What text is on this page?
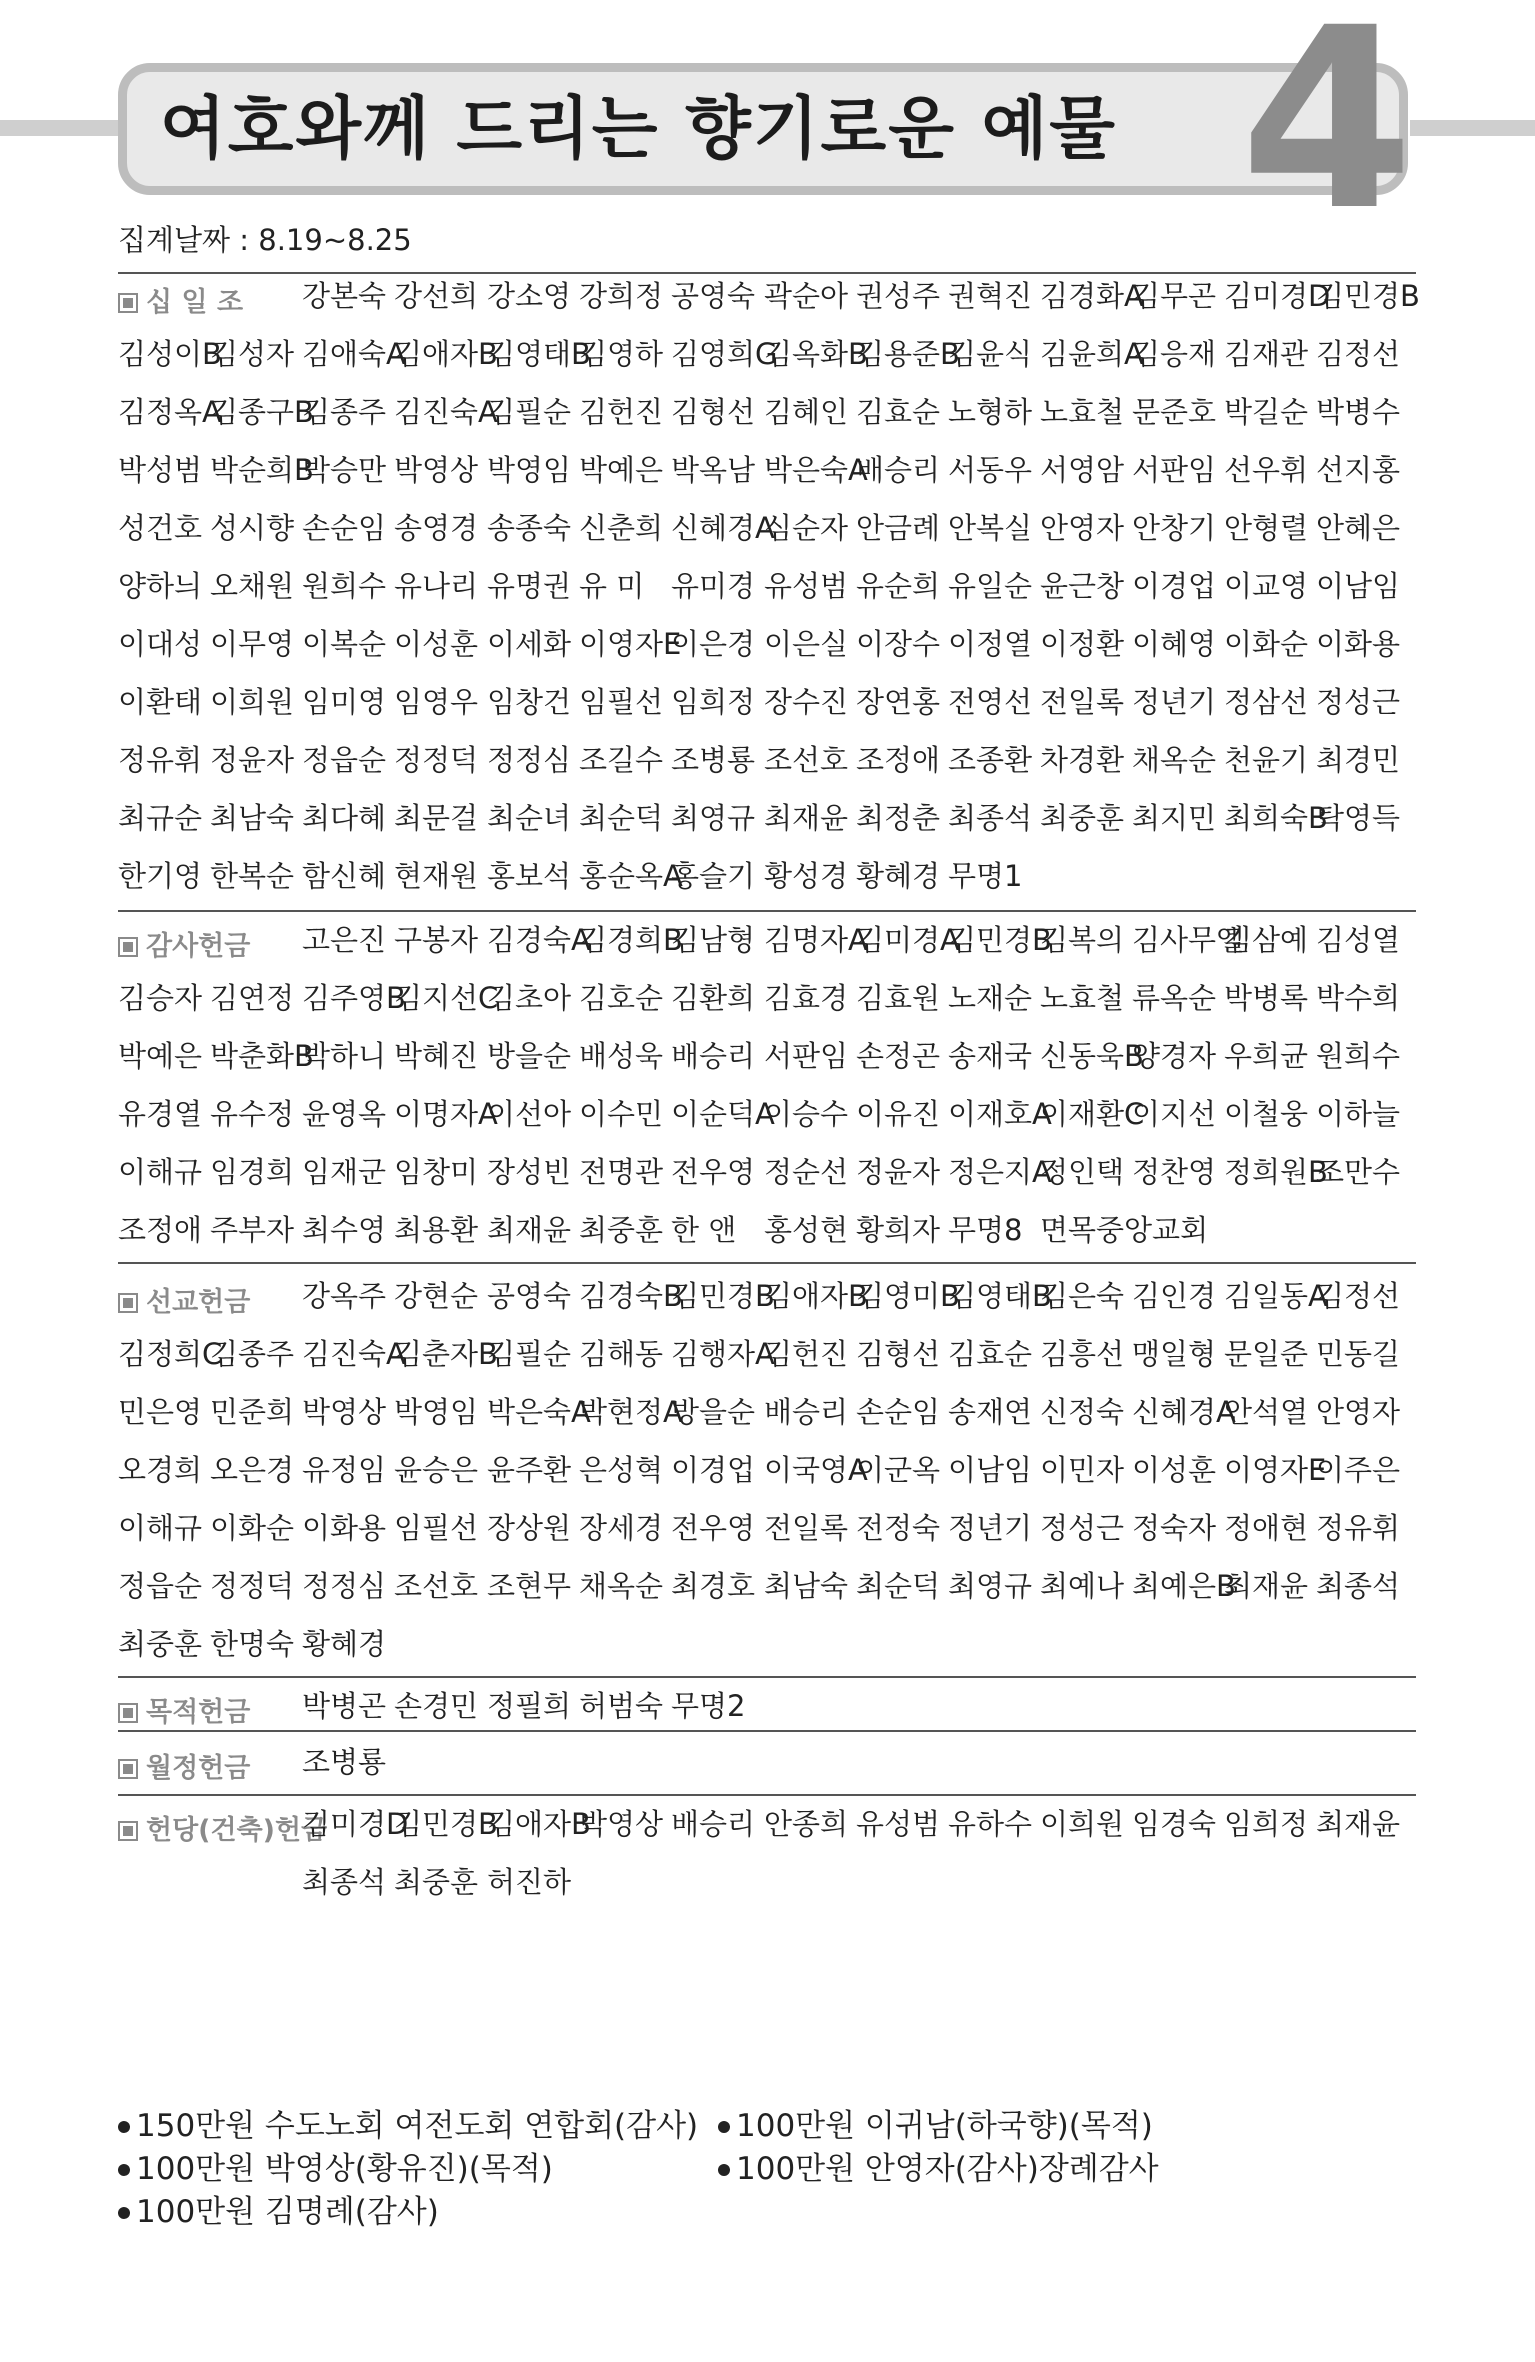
여호와께 드리는 향기로운 예물 4
집계날짜 : 8.19~8.25
십 일 조 강본숙 강선희 강소영 강희정 공영숙 곽순아 권성주 권혁진 김경화A
김무곤 김미경D
김민경B
김성이B
김성자 김애숙A
김애자B
김영태B
김영하 김영희G
김옥화B
김용준B
김윤식 김윤희A
김응재 김재관 김정선
김정옥A
김종구B
김종주 김진숙A
김필순 김헌진 김형선 김혜인 김효순 노형하 노효철 문준호 박길순 박병수
박성범 박순희B
박승만 박영상 박영임 박예은 박옥남 박은숙A
배승리 서동우 서영암 서판임 선우휘 선지홍
성건호 성시향 손순임 송영경 송종숙 신춘희 신혜경A
심순자 안금례 안복실 안영자 안창기 안형렬 안혜은
양하늬 오채원 원희수 유나리 유명권 유 미 유미경 유성범 유순희 유일순 윤근창 이경업 이교영 이남임
이대성 이무영 이복순 이성훈 이세화 이영자E
이은경 이은실 이장수 이정열 이정환 이혜영 이화순 이화용
이환태 이희원 임미영 임영우 임창건 임필선 임희정 장수진 장연홍 전영선 전일록 정년기 정삼선 정성근
정유휘 정윤자 정읍순 정정덕 정정심 조길수 조병룡 조선호 조정애 조종환 차경환 채옥순 천윤기 최경민
최규순 최남숙 최다혜 최문걸 최순녀 최순덕 최영규 최재윤 최정춘 최종석 최중훈 최지민 최희숙B
탁영득
한기영 한복순 함신혜 현재원 홍보석 홍순옥A
홍슬기 황성경 황혜경 무명1
감사헌금 고은진 구봉자 김경숙A
김경희B
김남형 김명자A
김미경A
김민경B
김복의 김사무엘
김삼예 김성열
김승자 김연정 김주영B
김지선C
김초아 김호순 김환희 김효경 김효원 노재순 노효철 류옥순 박병록 박수희
박예은 박춘화B
박하니 박혜진 방을순 배성욱 배승리 서판임 손정곤 송재국 신동욱B
양경자 우희균 원희수
유경열 유수정 윤영옥 이명자A
이선아 이수민 이순덕A
이승수 이유진 이재호A
이재환C
이지선 이철웅 이하늘
이해규 임경희 임재군 임창미 장성빈 전명관 전우영 정순선 정윤자 정은지A
정인택 정찬영 정희원B
조만수
조정애 주부자 최수영 최용환 최재윤 최중훈 한 앤 홍성현 황희자 무명8 면목중앙교회
선교헌금 강옥주 강현순 공영숙 김경숙B
김민경B
김애자B
김영미B
김영태B
김은숙 김인경 김일동A
김정선
김정희C
김종주 김진숙A
김춘자B
김필순 김해동 김행자A
김헌진 김형선 김효순 김흥선 맹일형 문일준 민동길
민은영 민준희 박영상 박영임 박은숙A
박현정A
방을순 배승리 손순임 송재연 신정숙 신혜경A
안석열 안영자
오경희 오은경 유정임 윤승은 윤주환 은성혁 이경업 이국영A
이군옥 이남임 이민자 이성훈 이영자E
이주은
이해규 이화순 이화용 임필선 장상원 장세경 전우영 전일록 전정숙 정년기 정성근 정숙자 정애현 정유휘
정읍순 정정덕 정정심 조선호 조현무 채옥순 최경호 최남숙 최순덕 최영규 최예나 최예은B
최재윤 최종석
최중훈 한명숙 황혜경
목적헌금 박병곤 손경민 정필희 허범숙 무명2
월정헌금 조병룡
헌당(건축)헌금
김미경D
김민경B
김애자B
박영상 배승리 안종희 유성범 유하수 이희원 임경숙 임희정 최재윤
최종석 최중훈 허진하
150만원 수도노회 여전도회 연합회(감사)
100만원 박영상(황유진)(목적)
100만원 김명례(감사)
100만원 이귀남(하국향)(목적)
100만원 안영자(감사)장례감사
